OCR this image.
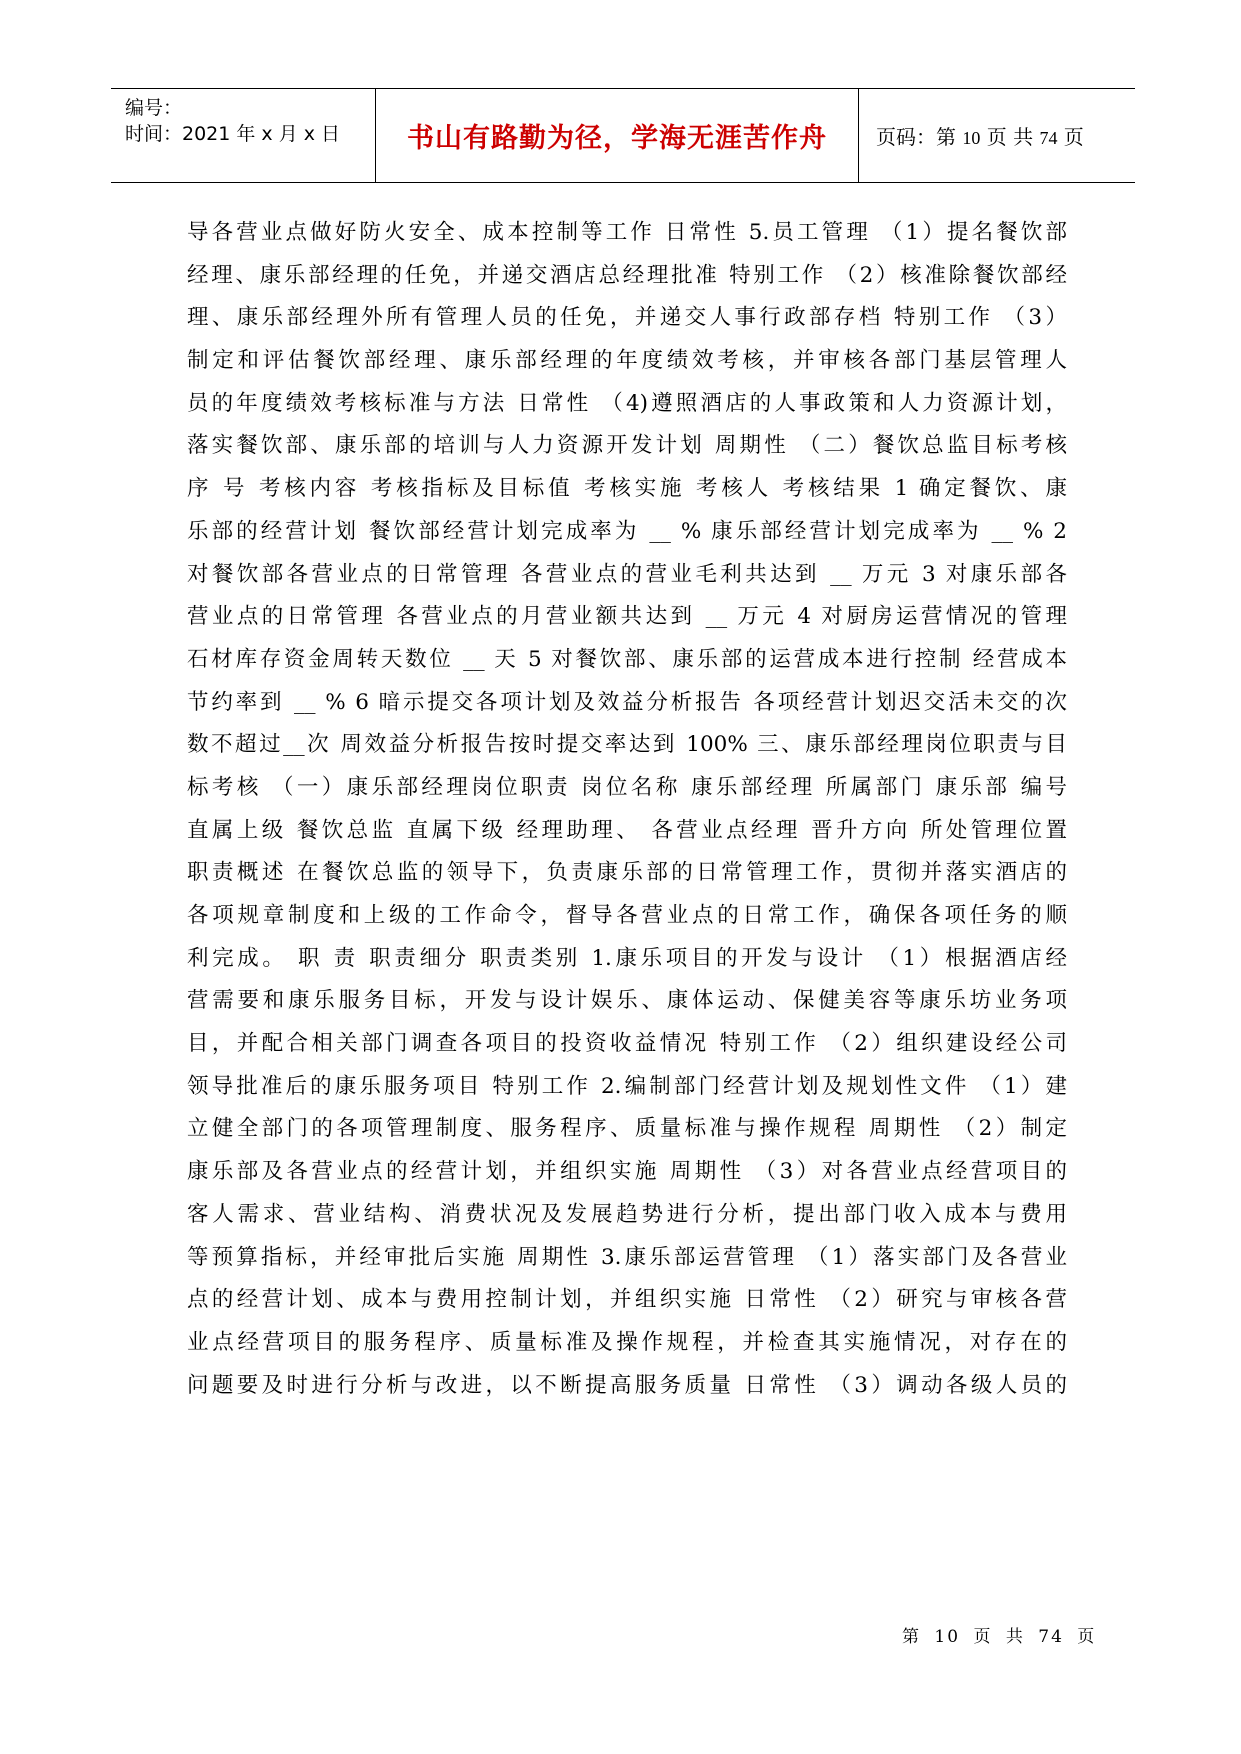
编号：
时间：2021 年 x 月 x 日 书山有路勤为径，学海无涯苦作舟 页码：第 10 页 共 74 页
导各营业点做好防火安全、成本控制等工作 日常性 5.员工管理 （1）提名餐饮部
经理、康乐部经理的任免，并递交酒店总经理批准 特别工作 （2）核准除餐饮部经
理、康乐部经理外所有管理人员的任免，并递交人事行政部存档 特别工作 （3）
制定和评估餐饮部经理、康乐部经理的年度绩效考核，并审核各部门基层管理人
员的年度绩效考核标准与方法 日常性 （4)遵照酒店的人事政策和人力资源计划，
落实餐饮部、康乐部的培训与人力资源开发计划 周期性 （二）餐饮总监目标考核
序 号 考核内容 考核指标及目标值 考核实施 考核人 考核结果 1 确定餐饮、康
乐部的经营计划 餐饮部经营计划完成率为 __ % 康乐部经营计划完成率为 __ % 2
对餐饮部各营业点的日常管理 各营业点的营业毛利共达到 __ 万元 3 对康乐部各
营业点的日常管理 各营业点的月营业额共达到 __ 万元 4 对厨房运营情况的管理
石材库存资金周转天数位 __ 天 5 对餐饮部、康乐部的运营成本进行控制 经营成本
节约率到 __ % 6 暗示提交各项计划及效益分析报告 各项经营计划迟交活未交的次
数不超过__次 周效益分析报告按时提交率达到 100% 三、康乐部经理岗位职责与目
标考核 （一）康乐部经理岗位职责 岗位名称 康乐部经理 所属部门 康乐部 编号
直属上级 餐饮总监 直属下级 经理助理、 各营业点经理 晋升方向 所处管理位置
职责概述 在餐饮总监的领导下，负责康乐部的日常管理工作，贯彻并落实酒店的
各项规章制度和上级的工作命令，督导各营业点的日常工作，确保各项任务的顺
利完成。 职 责 职责细分 职责类别 1.康乐项目的开发与设计 （1）根据酒店经
营需要和康乐服务目标，开发与设计娱乐、康体运动、保健美容等康乐坊业务项
目，并配合相关部门调查各项目的投资收益情况 特别工作 （2）组织建设经公司
领导批准后的康乐服务项目 特别工作 2.编制部门经营计划及规划性文件 （1）建
立健全部门的各项管理制度、服务程序、质量标准与操作规程 周期性 （2）制定
康乐部及各营业点的经营计划，并组织实施 周期性 （3）对各营业点经营项目的
客人需求、营业结构、消费状况及发展趋势进行分析，提出部门收入成本与费用
等预算指标，并经审批后实施 周期性 3.康乐部运营管理 （1）落实部门及各营业
点的经营计划、成本与费用控制计划，并组织实施 日常性 （2）研究与审核各营
业点经营项目的服务程序、质量标准及操作规程，并检查其实施情况，对存在的
问题要及时进行分析与改进，以不断提高服务质量 日常性 （3）调动各级人员的
第 10 页 共 74 页
